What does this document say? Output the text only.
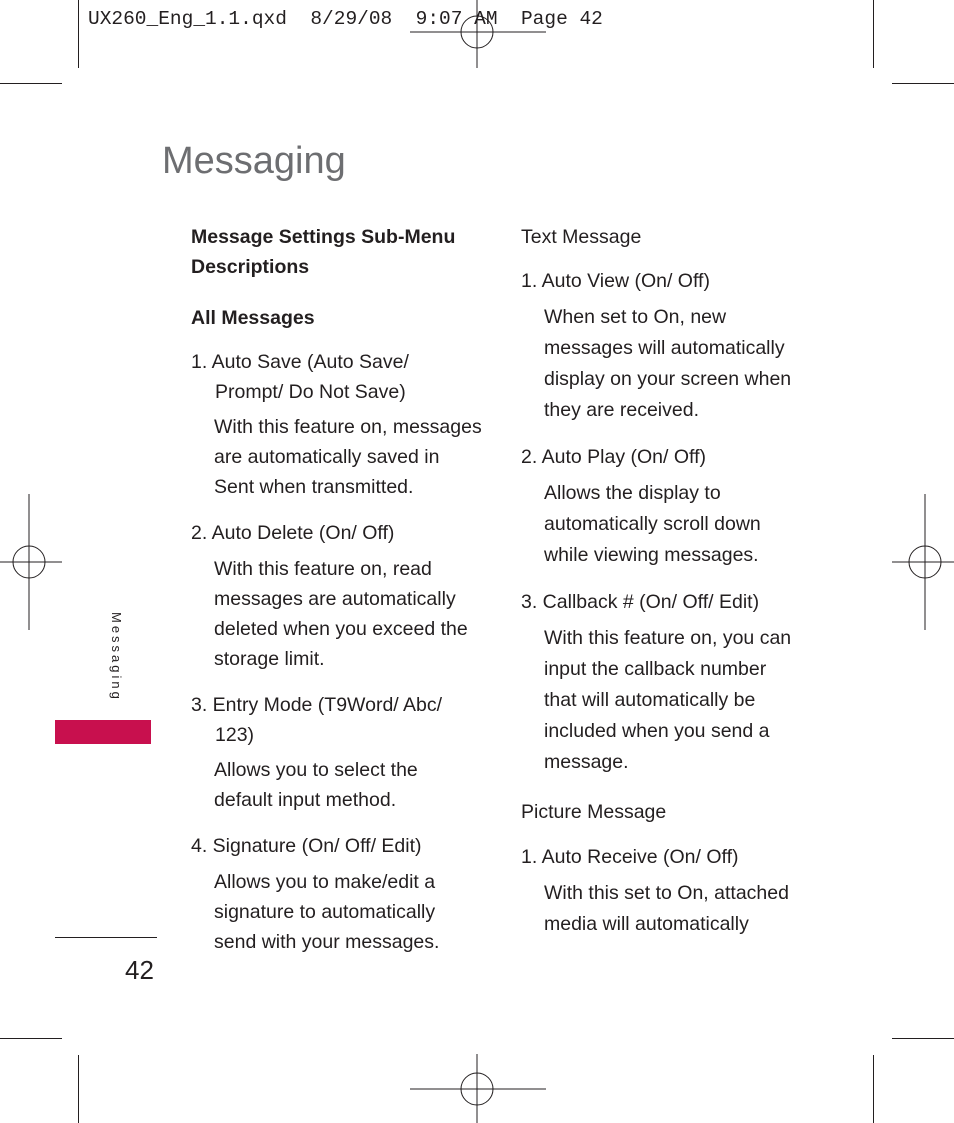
UX260_Eng_1.1.qxd  8/29/08  9:07 AM  Page 42
Messaging
Messaging
Message Settings Sub-Menu
Descriptions
All Messages
1. Auto Save (Auto Save/
Prompt/ Do Not Save)
With this feature on, messages
are automatically saved in
Sent when transmitted.
2. Auto Delete (On/ Off)
With this feature on, read
messages are automatically
deleted when you exceed the
storage limit.
3. Entry Mode (T9Word/ Abc/
123)
Allows you to select the
default input method.
4. Signature (On/ Off/ Edit)
Allows you to make/edit a
signature to automatically
send with your messages.
Text Message
1. Auto View (On/ Off)
When set to On, new
messages will automatically
display on your screen when
they are received.
2. Auto Play (On/ Off)
Allows the display to
automatically scroll down
while viewing messages.
3. Callback # (On/ Off/ Edit)
With this feature on, you can
input the callback number
that will automatically be
included when you send a
message.
Picture Message
1. Auto Receive (On/ Off)
With this set to On, attached
media will automatically
42
